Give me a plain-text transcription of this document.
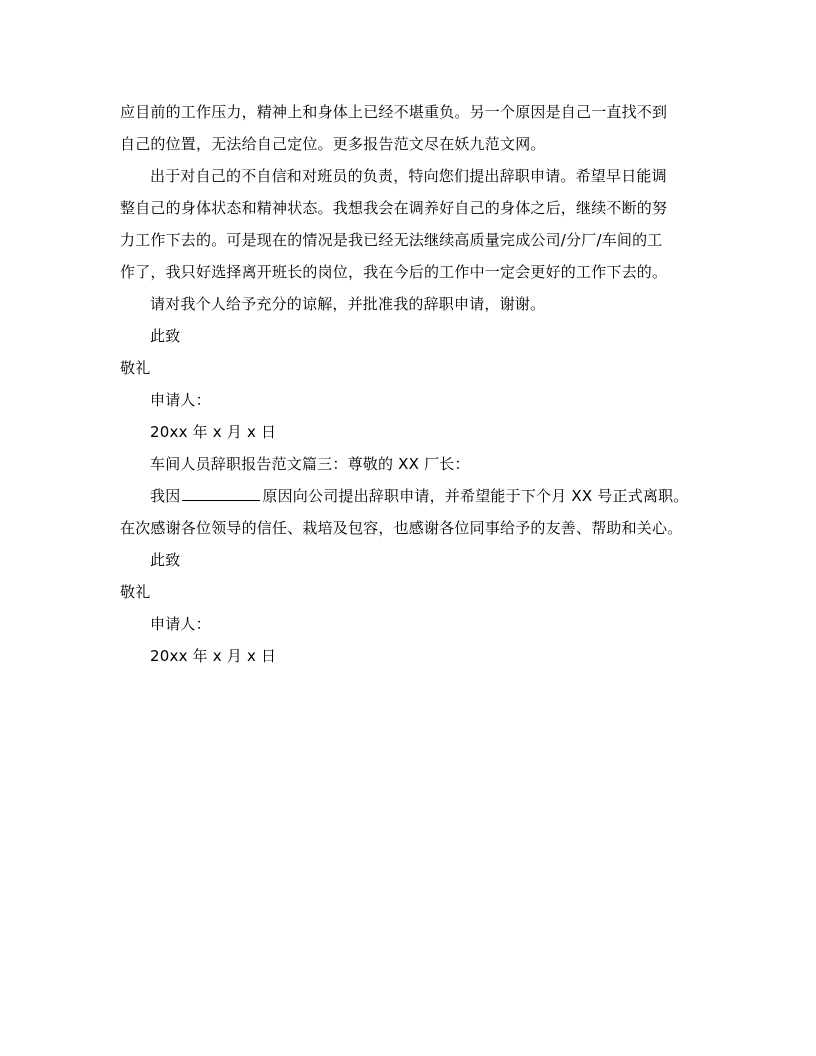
应目前的工作压力，精神上和身体上已经不堪重负。另一个原因是自己一直找不到
自己的位置，无法给自己定位。更多报告范文尽在妖九范文网。
出于对自己的不自信和对班员的负责，特向您们提出辞职申请。希望早日能调
整自己的身体状态和精神状态。我想我会在调养好自己的身体之后，继续不断的努
力工作下去的。可是现在的情况是我已经无法继续高质量完成公司/分厂/车间的工
作了，我只好选择离开班长的岗位，我在今后的工作中一定会更好的工作下去的。
请对我个人给予充分的谅解，并批准我的辞职申请，谢谢。
此致
敬礼
申请人：
20xx 年 x 月 x 日
车间人员辞职报告范文篇三：尊敬的 XX 厂长：
我因	原因向公司提出辞职申请，并希望能于下个月 XX 号正式离职。
在次感谢各位领导的信任、栽培及包容，也感谢各位同事给予的友善、帮助和关心。
此致
敬礼
申请人：
20xx 年 x 月 x 日
